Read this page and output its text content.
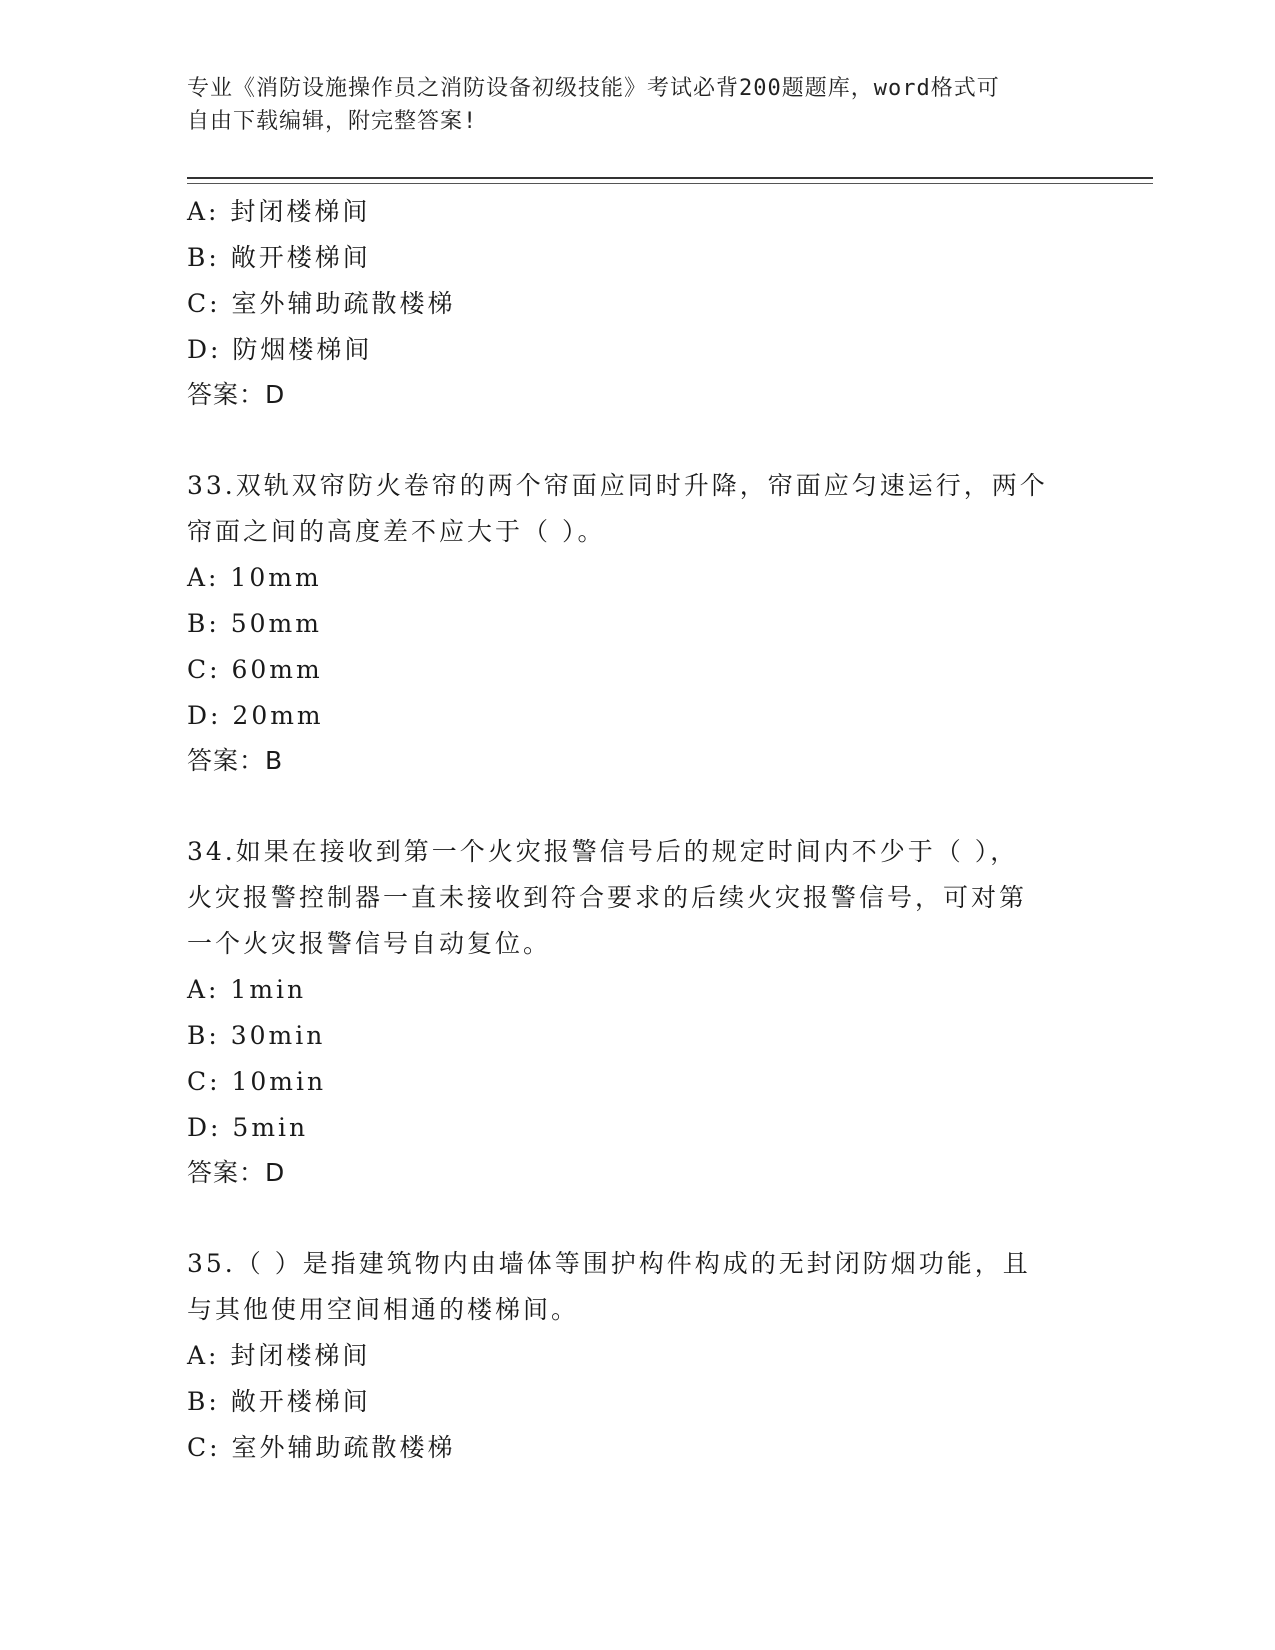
专业《消防设施操作员之消防设备初级技能》考试必背200题题库，word格式可
自由下载编辑，附完整答案!
A: 封闭楼梯间
B: 敞开楼梯间
C: 室外辅助疏散楼梯
D: 防烟楼梯间
答案：D
33.双轨双帘防火卷帘的两个帘面应同时升降，帘面应匀速运行，两个
帘面之间的高度差不应大于（ ）。
A: 10mm
B: 50mm
C: 60mm
D: 20mm
答案：B
34.如果在接收到第一个火灾报警信号后的规定时间内不少于（ ），
火灾报警控制器一直未接收到符合要求的后续火灾报警信号，可对第
一个火灾报警信号自动复位。
A: 1min
B: 30min
C: 10min
D: 5min
答案：D
35.（ ）是指建筑物内由墙体等围护构件构成的无封闭防烟功能，且
与其他使用空间相通的楼梯间。
A: 封闭楼梯间
B: 敞开楼梯间
C: 室外辅助疏散楼梯
